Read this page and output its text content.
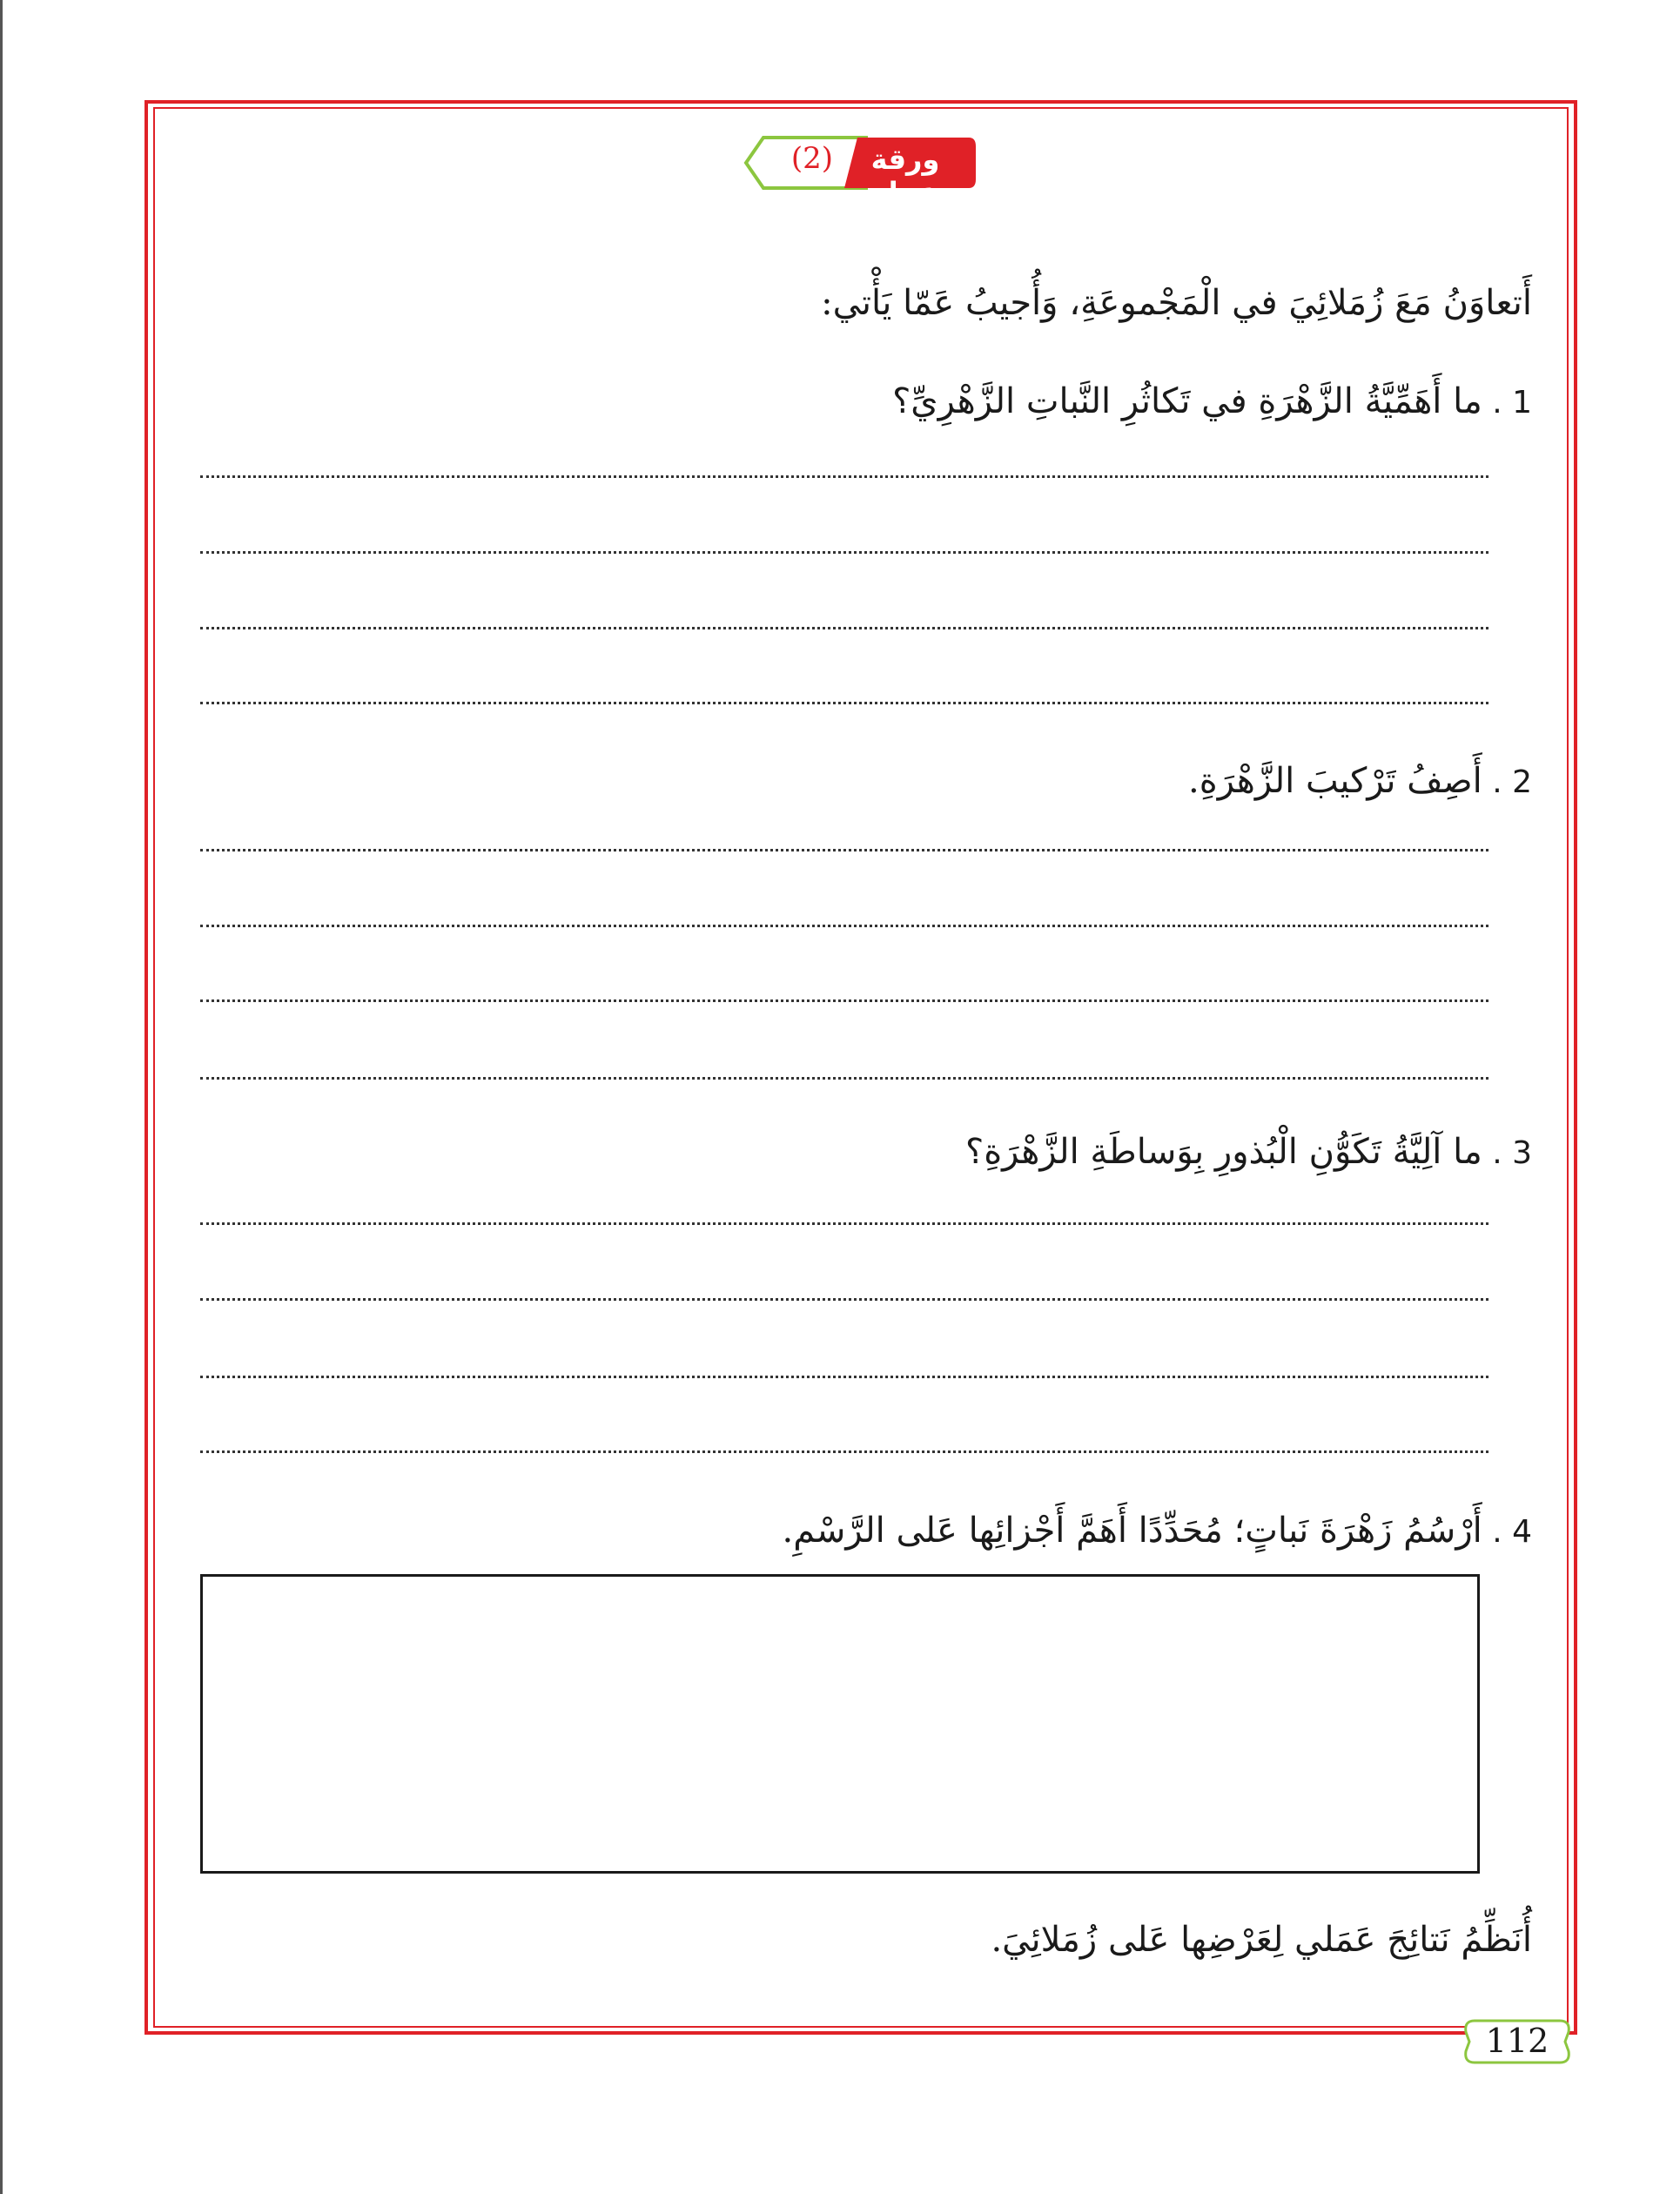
(2)	ورقة عمل
أَتعاوَنُ مَعَ زُمَلائِيَ في الْمَجْموعَةِ، وَأُجيبُ عَمّا يَأْتي:
1 . ما أَهَمِّيَّةُ الزَّهْرَةِ في تَكاثُرِ النَّباتِ الزَّهْرِيِّ؟
2 . أَصِفُ تَرْكيبَ الزَّهْرَةِ.
3 . ما آلِيَّةُ تَكَوُّنِ الْبُذورِ بِوَساطَةِ الزَّهْرَةِ؟
4 . أَرْسُمُ زَهْرَةَ نَباتٍ؛ مُحَدِّدًا أَهَمَّ أَجْزائِها عَلى الرَّسْمِ.
أُنَظِّمُ نَتائِجَ عَمَلي لِعَرْضِها عَلى زُمَلائِيَ.
112
